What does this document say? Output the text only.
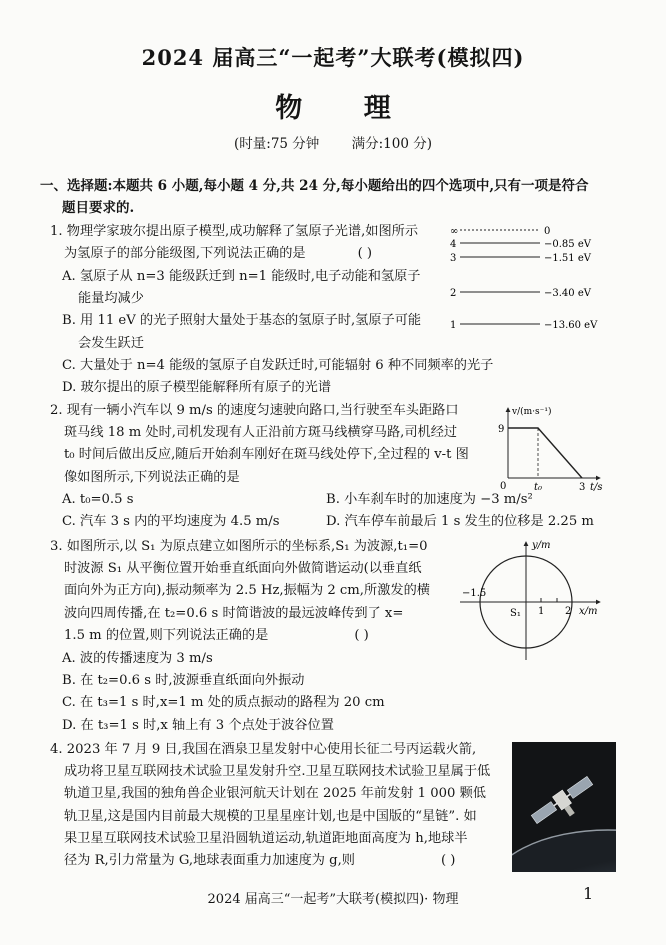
2024 届高三“一起考”大联考(模拟四)
物 理
(时量:75 分钟 满分:100 分)
一、选择题:本题共 6 小题,每小题 4 分,共 24 分,每小题给出的四个选项中,只有一项是符合
题目要求的.
1. 物理学家玻尔提出原子模型,成功解释了氢原子光谱,如图所示
为氢原子的部分能级图,下列说法正确的是	( )
A. 氢原子从 n=3 能级跃迁到 n=1 能级时,电子动能和氢原子
能量均减少
B. 用 11 eV 的光子照射大量处于基态的氢原子时,氢原子可能
会发生跃迁
C. 大量处于 n=4 能级的氢原子自发跃迁时,可能辐射 6 种不同频率的光子
D. 玻尔提出的原子模型能解释所有原子的光谱
∞	0
4	−0.85 eV
3	−1.51 eV
2	−3.40 eV
1	−13.60 eV
2. 现有一辆小汽车以 9 m/s 的速度匀速驶向路口,当行驶至车头距路口
斑马线 18 m 处时,司机发现有人正沿前方斑马线横穿马路,司机经过
t₀ 时间后做出反应,随后开始刹车刚好在斑马线处停下,全过程的 v-t 图
像如图所示,下列说法正确的是
A. t₀=0.5 s	B. 小车刹车时的加速度为 −3 m/s²
C. 汽车 3 s 内的平均速度为 4.5 m/s	D. 汽车停车前最后 1 s 发生的位移是 2.25 m
v/(m·s⁻¹)
9
0	t₀	3 t/s
3. 如图所示,以 S₁ 为原点建立如图所示的坐标系,S₁ 为波源,t₁=0
时波源 S₁ 从平衡位置开始垂直纸面向外做简谐运动(以垂直纸
面向外为正方向),振动频率为 2.5 Hz,振幅为 2 cm,所激发的横
波向四周传播,在 t₂=0.6 s 时简谐波的最远波峰传到了 x=
1.5 m 的位置,则下列说法正确的是	( )
A. 波的传播速度为 3 m/s
B. 在 t₂=0.6 s 时,波源垂直纸面向外振动
C. 在 t₃=1 s 时,x=1 m 处的质点振动的路程为 20 cm
D. 在 t₃=1 s 时,x 轴上有 3 个点处于波谷位置
y/m
−1.5
S₁ 1 2 x/m
4. 2023 年 7 月 9 日,我国在酒泉卫星发射中心使用长征二号丙运载火箭,
成功将卫星互联网技术试验卫星发射升空.卫星互联网技术试验卫星属于低
轨道卫星,我国的独角兽企业银河航天计划在 2025 年前发射 1 000 颗低
轨卫星,这是国内目前最大规模的卫星星座计划,也是中国版的“星链”. 如
果卫星互联网技术试验卫星沿圆轨道运动,轨道距地面高度为 h,地球半
径为 R,引力常量为 G,地球表面重力加速度为 g,则	( )
2024 届高三“一起考”大联考(模拟四)· 物理	1
